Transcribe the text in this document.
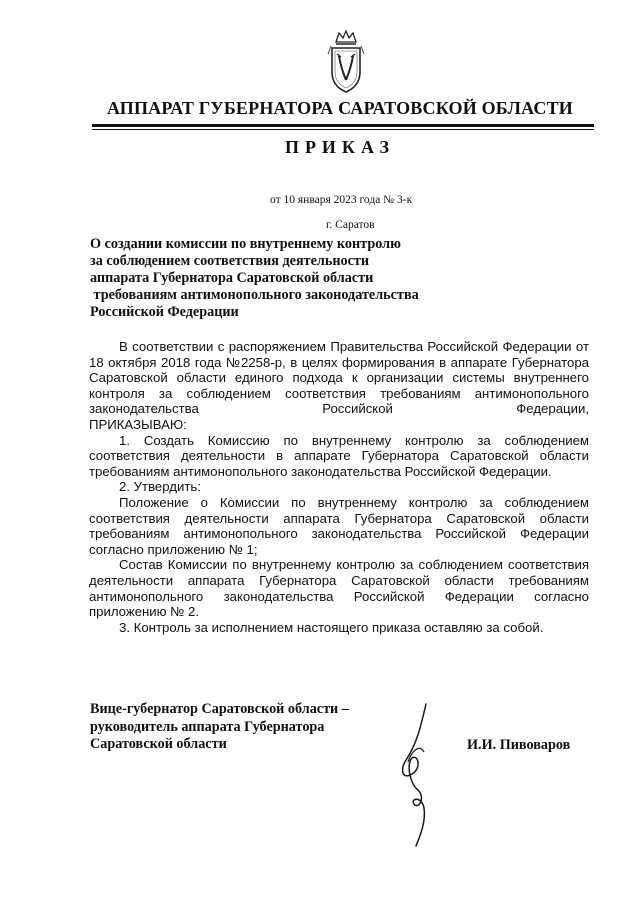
АППАРАТ ГУБЕРНАТОРА САРАТОВСКОЙ ОБЛАСТИ
ПРИКАЗ
от 10 января 2023 года № 3-к
г. Саратов
О создании комиссии по внутреннему контролю
за соблюдением соответствия деятельности
аппарата Губернатора Саратовской области
требованиям антимонопольного законодательства
Российской Федерации

В соответствии с распоряжением Правительства Российской Федерации от 18 октября 2018 года №2258-р, в целях формирования в аппарате Губернатора Саратовской области единого подхода к организации системы внутреннего контроля за соблюдением соответствия требованиям антимонопольного законодательства Российской Федерации,

ПРИКАЗЫВАЮ:

1. Создать Комиссию по внутреннему контролю за соблюдением соответствия деятельности в аппарате Губернатора Саратовской области требованиям антимонопольного законодательства Российской Федерации.

2. Утвердить:

Положение о Комиссии по внутреннему контролю за соблюдением соответствия деятельности аппарата Губернатора Саратовской области требованиям антимонопольного законодательства Российской Федерации согласно приложению № 1;

Состав Комиссии по внутреннему контролю за соблюдением соответствия деятельности аппарата Губернатора Саратовской области требованиям антимонопольного законодательства Российской Федерации согласно приложению № 2.

3. Контроль за исполнением настоящего приказа оставляю за собой.

Вице-губернатор Саратовской области –
руководитель аппарата Губернатора
Саратовской области	И.И. Пивоваров
